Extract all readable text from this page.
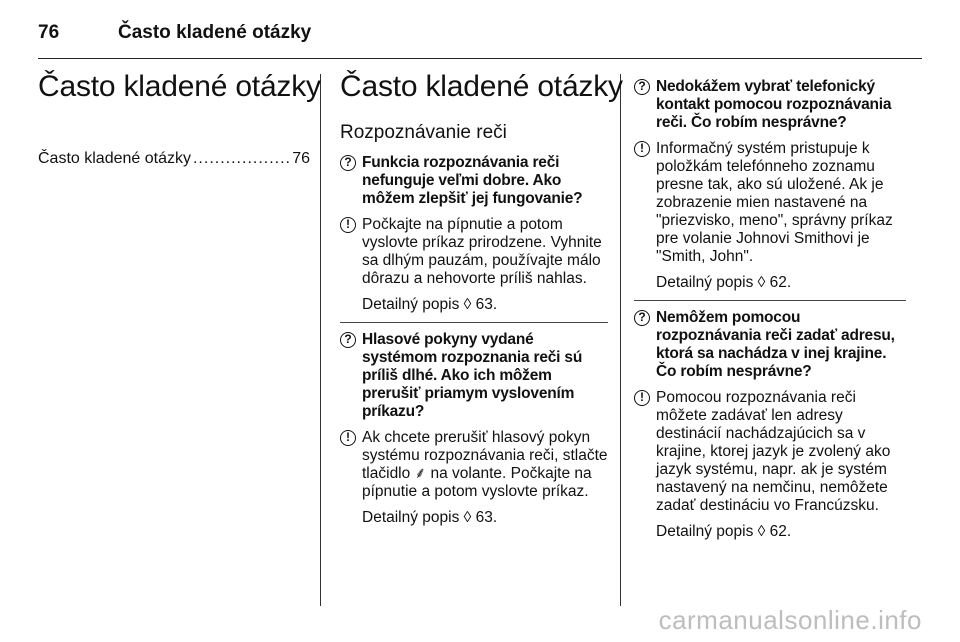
76	Často kladené otázky
Často kladené otázky
Často kladené otázky
.....	76
Často kladené otázky
Rozpoznávanie reči
? Funkcia rozpoznávania reči nefunguje veľmi dobre. Ako môžem zlepšiť jej fungovanie?
! Počkajte na pípnutie a potom vyslovte príkaz prirodzene. Vyhnite sa dlhým pauzám, používajte málo dôrazu a nehovorte príliš nahlas.
Detailný popis ◊ 63.
? Hlasové pokyny vydané systémom rozpoznania reči sú príliš dlhé. Ako ich môžem prerušiť priamym vyslovením príkazu?
! Ak chcete prerušiť hlasový pokyn systému rozpoznávania reči, stlačte tlačidlo ⸙ na volante. Počkajte na pípnutie a potom vyslovte príkaz.
Detailný popis ◊ 63.
? Nedokážem vybrať telefonický kontakt pomocou rozpoznávania reči. Čo robím nesprávne?
! Informačný systém pristupuje k položkám telefónneho zoznamu presne tak, ako sú uložené. Ak je zobrazenie mien nastavené na "priezvisko, meno", správny príkaz pre volanie Johnovi Smithovi je "Smith, John".
Detailný popis ◊ 62.
? Nemôžem pomocou rozpoznávania reči zadať adresu, ktorá sa nachádza v inej krajine. Čo robím nesprávne?
! Pomocou rozpoznávania reči môžete zadávať len adresy destinácií nachádzajúcich sa v krajine, ktorej jazyk je zvolený ako jazyk systému, napr. ak je systém nastavený na nemčinu, nemôžete zadať destináciu vo Francúzsku.
Detailný popis ◊ 62.
carmanualsonline.info
